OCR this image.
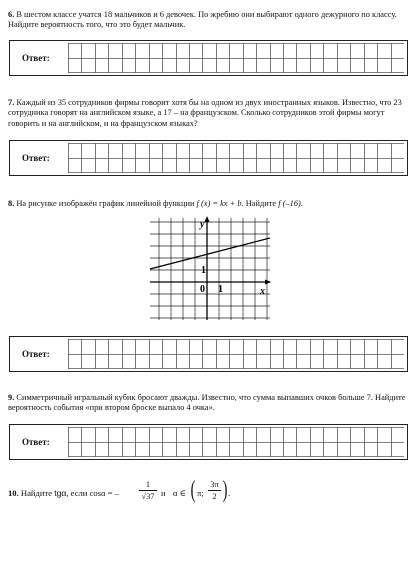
6. В шестом классе учатся 18 мальчиков и 6 девочек. По жребию они выбирают одного дежурного по классу. Найдите вероятность того, что это будет мальчик.

Ответ:

7. Каждый из 35 сотрудников фирмы говорит хотя бы на одном из двух иностранных языков. Известно, что 23 сотрудника говорят на английском языке, а 17 – на французском. Сколько сотрудников этой фирмы могут говорить и на английском, и на французском языках?

Ответ:

8. На рисунке изображён график линейной функции f (x) = kx + b. Найдите f (–16).

y
x
0 1
1
Ответ:

9. Симметричный игральный кубик бросают дважды. Известно, что сумма выпавших очков больше 7. Найдите вероятность события «при втором броске выпало 4 очка».

Ответ:
10. Найдите tgα, если cosα = – $\frac{1}{√37}$ и α ∈ ( π; $\frac{3\pi}{2}$ ) .
